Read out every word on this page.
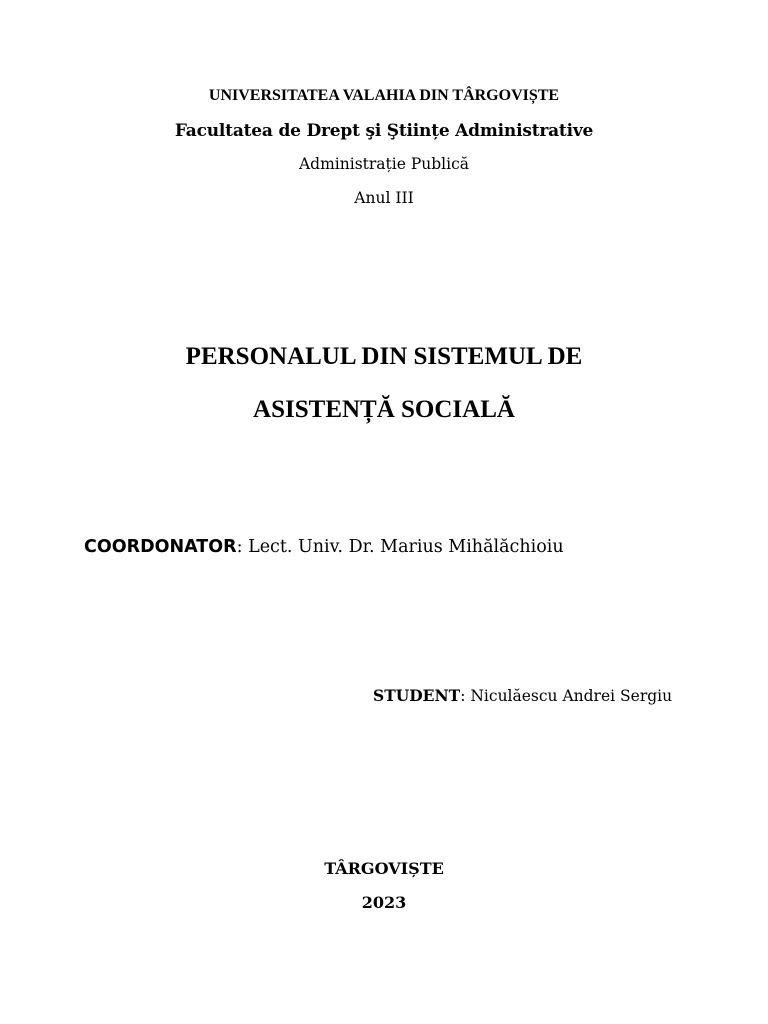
UNIVERSITATEA VALAHIA DIN TÂRGOVIȘTE
Facultatea de Drept şi Ştiințe Administrative
Administrație Publică
Anul III
PERSONALUL DIN SISTEMUL DE
ASISTENȚĂ SOCIALĂ
COORDONATOR: Lect. Univ. Dr. Marius Mihălăchioiu
STUDENT: Niculăescu Andrei Sergiu
TÂRGOVIȘTE
2023
